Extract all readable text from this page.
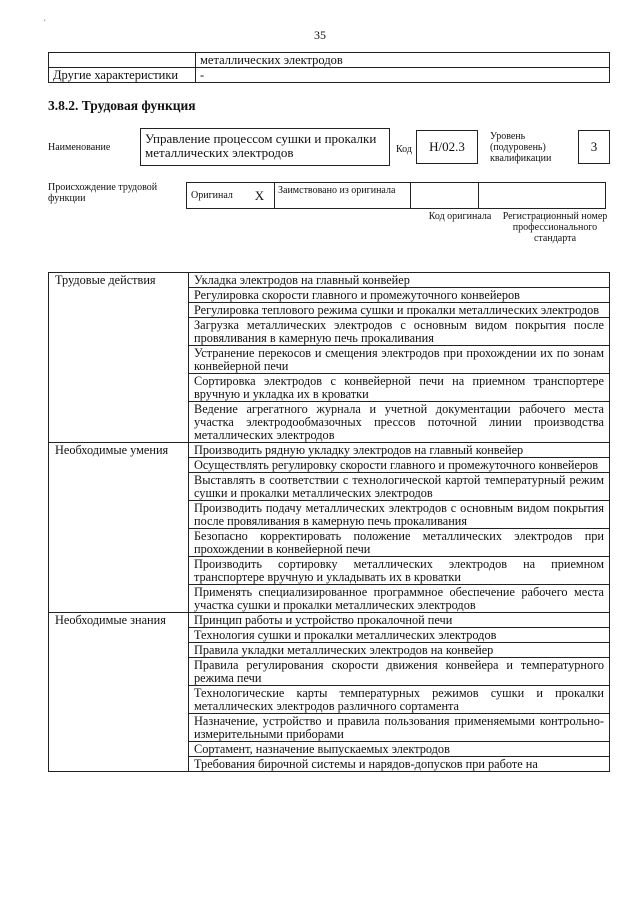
'
35
	металлических электродов
Другие характеристики	-
3.8.2. Трудовая функция
Наименование
Управление процессом сушки и прокалки металлических электродов	Код	Н/02.3
Уровень (подуровень) квалификации
3
Происхождение трудовой функции	Оригинал	X	Заимствовано из оригинала
Код оригинала	Регистрационный номер профессионального стандарта
Трудовые действия	Укладка электродов на главный конвейер
	Регулировка скорости главного и промежуточного конвейеров
	Регулировка теплового режима сушки и прокалки металлических электродов
	Загрузка металлических электродов с основным видом покрытия после провяливания в камерную печь прокаливания
	Устранение перекосов и смещения электродов при прохождении их по зонам конвейерной печи
	Сортировка электродов с конвейерной печи на приемном транспортере вручную и укладка их в кроватки
	Ведение агрегатного журнала и учетной документации рабочего места участка электродообмазочных прессов поточной линии производства металлических электродов
Необходимые умения	Производить рядную укладку электродов на главный конвейер
	Осуществлять регулировку скорости главного и промежуточного конвейеров
	Выставлять в соответствии с технологической картой температурный режим сушки и прокалки металлических электродов
	Производить подачу металлических электродов с основным видом покрытия после провяливания в камерную печь прокаливания
	Безопасно корректировать положение металлических электродов при прохождении в конвейерной печи
	Производить сортировку металлических электродов на приемном транспортере вручную и укладывать их в кроватки
	Применять специализированное программное обеспечение рабочего места участка сушки и прокалки металлических электродов
Необходимые знания	Принцип работы и устройство прокалочной печи
	Технология сушки и прокалки металлических электродов
	Правила укладки металлических электродов на конвейер
	Правила регулирования скорости движения конвейера и температурного режима печи
	Технологические карты температурных режимов сушки и прокалки металлических электродов различного сортамента
	Назначение, устройство и правила пользования применяемыми контрольно-измерительными приборами
	Сортамент, назначение выпускаемых электродов
	Требования бирочной системы и нарядов-допусков при работе на
